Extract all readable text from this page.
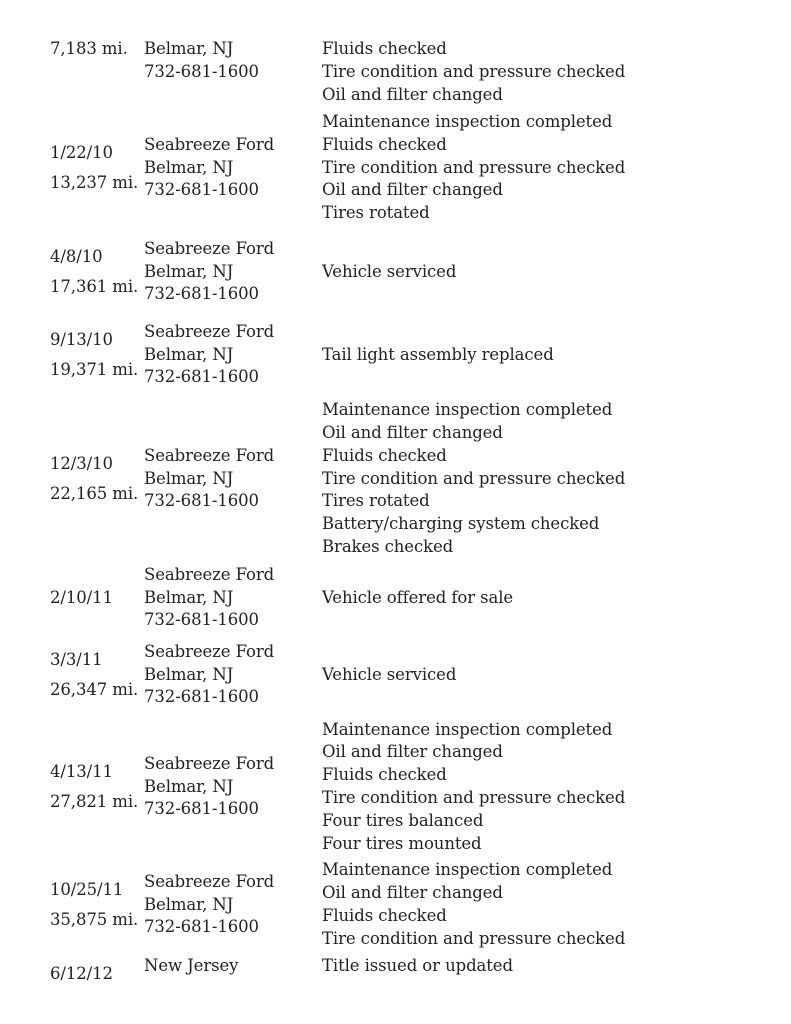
7,183 mi. Belmar, NJ
732-681-1600
Fluids checked
Tire condition and pressure checked
Oil and filter changed
1/22/10
13,237 mi.
Seabreeze Ford
Belmar, NJ
732-681-1600
Maintenance inspection completed
Fluids checked
Tire condition and pressure checked
Oil and filter changed
Tires rotated
4/8/10
17,361 mi.
Seabreeze Ford
Belmar, NJ
732-681-1600
Vehicle serviced
9/13/10
19,371 mi.
Seabreeze Ford
Belmar, NJ
732-681-1600
Tail light assembly replaced
12/3/10
22,165 mi.
Seabreeze Ford
Belmar, NJ
732-681-1600
Maintenance inspection completed
Oil and filter changed
Fluids checked
Tire condition and pressure checked
Tires rotated
Battery/charging system checked
Brakes checked
2/10/11
Seabreeze Ford
Belmar, NJ
732-681-1600
Vehicle offered for sale
3/3/11
26,347 mi.
Seabreeze Ford
Belmar, NJ
732-681-1600
Vehicle serviced
4/13/11
27,821 mi.
Seabreeze Ford
Belmar, NJ
732-681-1600
Maintenance inspection completed
Oil and filter changed
Fluids checked
Tire condition and pressure checked
Four tires balanced
Four tires mounted
10/25/11
35,875 mi.
Seabreeze Ford
Belmar, NJ
732-681-1600
Maintenance inspection completed
Oil and filter changed
Fluids checked
Tire condition and pressure checked
6/12/12	New Jersey	Title issued or updated
